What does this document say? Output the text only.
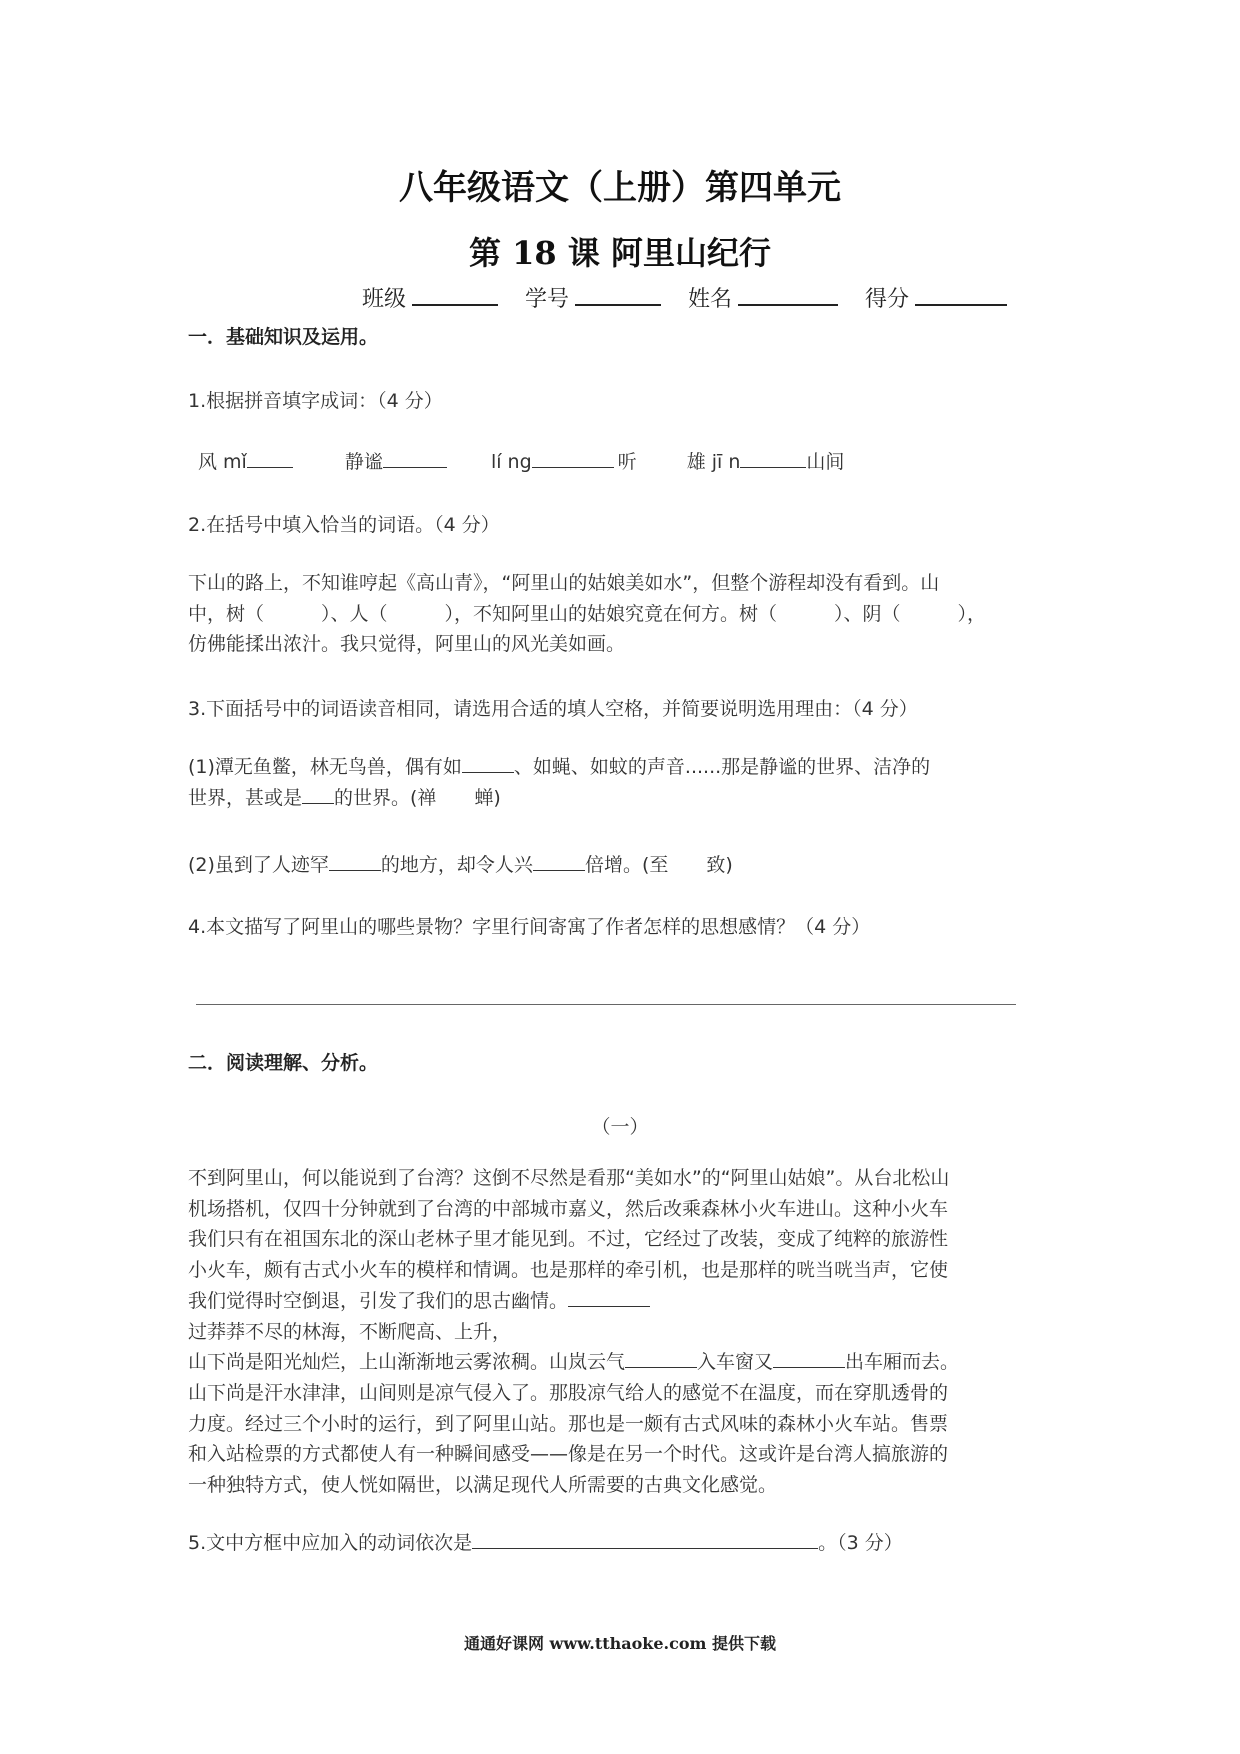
八年级语文（上册）第四单元
第 18 课 阿里山纪行
班级	学号	姓名	得分
一．基础知识及运用。
1.根据拼音填字成词：（4 分）
风 mǐ	静谧	lí ng	听	雄 jī n	山间
2.在括号中填入恰当的词语。（4 分）

下山的路上，不知谁哼起《高山青》，“阿里山的姑娘美如水”，但整个游程却没有看到。山

中，树（　　　）、人（　　　），不知阿里山的姑娘究竟在何方。树（　　　）、阴（　　　），

仿佛能揉出浓汁。我只觉得，阿里山的风光美如画。

3.下面括号中的词语读音相同，请选用合适的填人空格，并简要说明选用理由：（4 分）

(1)潭无鱼鳖，林无鸟兽，偶有如	、如蝇、如蚊的声音......那是静谧的世界、洁净的

世界，甚或是 的世界。(禅　　蝉)

(2)虽到了人迹罕	的地方，却令人兴	倍增。(至　　致)
4.本文描写了阿里山的哪些景物？字里行间寄寓了作者怎样的思想感情？（4 分）
二．阅读理解、分析。
（一）

不到阿里山，何以能说到了台湾？这倒不尽然是看那“美如水”的“阿里山姑娘”。从台北松山

机场搭机，仅四十分钟就到了台湾的中部城市嘉义，然后改乘森林小火车进山。这种小火车

我们只有在祖国东北的深山老林子里才能见到。不过，它经过了改装，变成了纯粹的旅游性

小火车，颇有古式小火车的模样和情调。也是那样的牵引机，也是那样的咣当咣当声，它使

我们觉得时空倒退，引发了我们的思古幽情。

过莽莽不尽的林海，不断爬高、上升，

山下尚是阳光灿烂，上山渐渐地云雾浓稠。山岚云气	入车窗又	出车厢而去。

山下尚是汗水津津，山间则是凉气侵入了。那股凉气给人的感觉不在温度，而在穿肌透骨的

力度。经过三个小时的运行，到了阿里山站。那也是一颇有古式风味的森林小火车站。售票

和入站检票的方式都使人有一种瞬间感受——像是在另一个时代。这或许是台湾人搞旅游的

一种独特方式，使人恍如隔世，以满足现代人所需要的古典文化感觉。

5.文中方框中应加入的动词依次是	。（3 分）
通通好课网 www.tthaoke.com 提供下载
